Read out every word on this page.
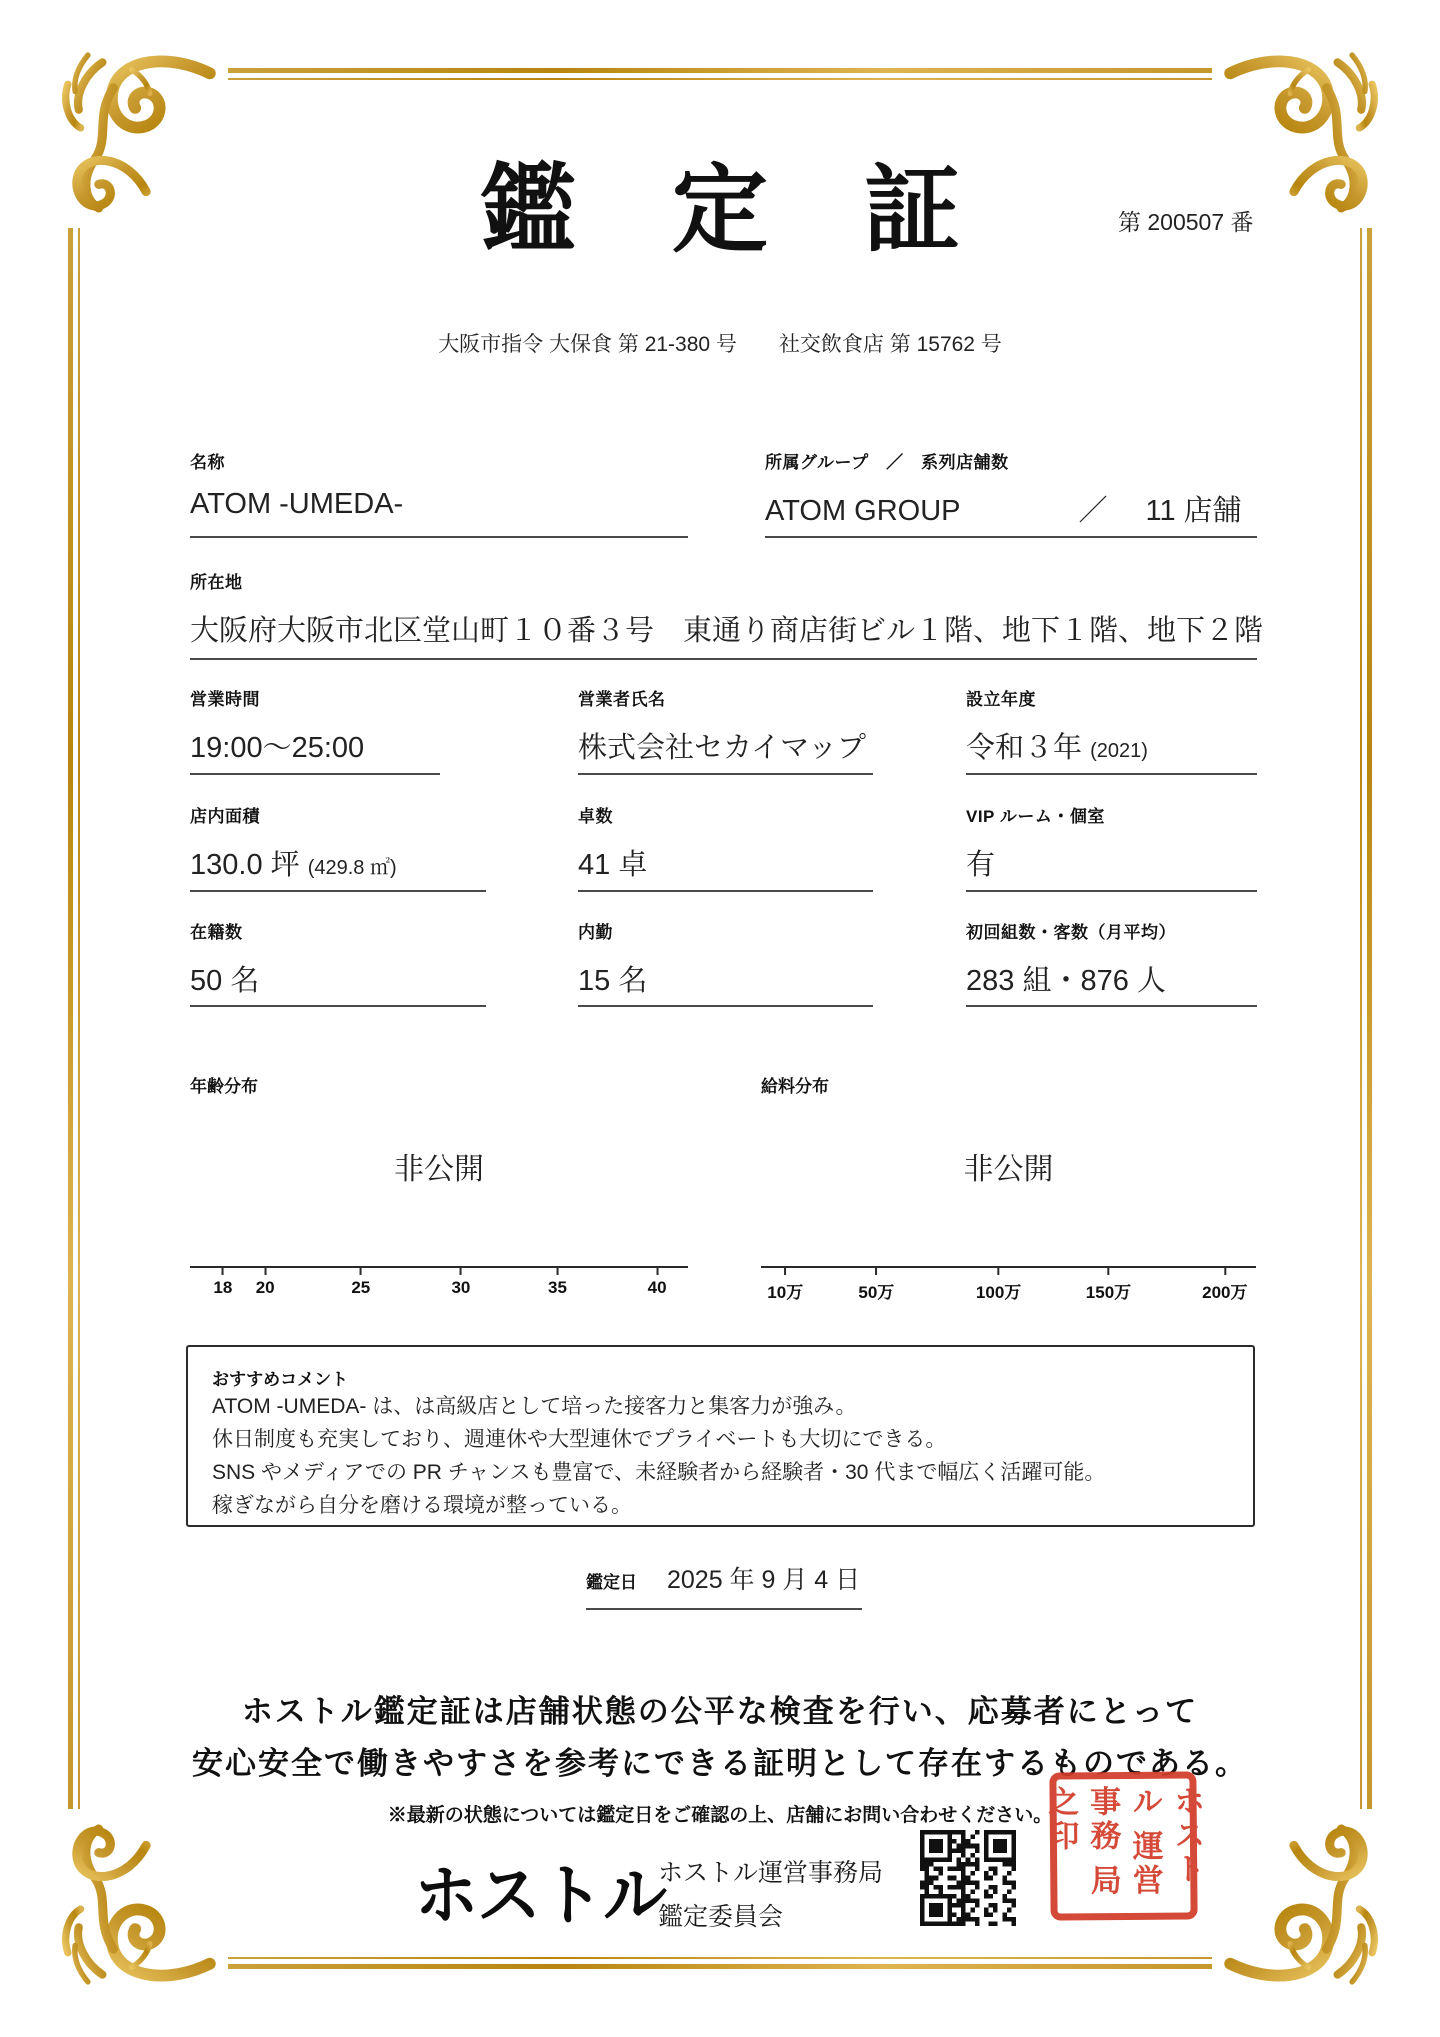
鑑　定　証	第 200507 番
大阪市指令 大保食 第 21-380 号　　社交飲食店 第 15762 号
名称
ATOM -UMEDA-
所属グループ　／　系列店舗数
ATOM GROUP	／ 11 店舗
所在地
大阪府大阪市北区堂山町１０番３号　東通り商店街ビル１階、地下１階、地下２階
営業時間
19:00〜25:00
営業者氏名
株式会社セカイマップ
設立年度
令和３年 (2021)
店内面積
130.0 坪 (429.8 ㎡)
卓数
41 卓
VIP ルーム・個室
有
在籍数
50 名
内勤
15 名
初回組数・客数（月平均）
283 組・876 人
年齢分布
非公開
18 20	25	30	35	40
給料分布
非公開
10万	50万	100万	150万	200万
おすすめコメント
ATOM -UMEDA- は、は高級店として培った接客力と集客力が強み。
休日制度も充実しており、週連休や大型連休でプライベートも大切にできる。
SNS やメディアでの PR チャンスも豊富で、未経験者から経験者・30 代まで幅広く活躍可能。
稼ぎながら自分を磨ける環境が整っている。
鑑定日 2025 年 9 月 4 日
ホストル鑑定証は店舗状態の公平な検査を行い、応募者にとって
安心安全で働きやすさを参考にできる証明として存在するものである。
※最新の状態については鑑定日をご確認の上、店舗にお問い合わせください。
ホストル
ホストル運営事務局
鑑定委員会
ホストル 運営事務 局之印
